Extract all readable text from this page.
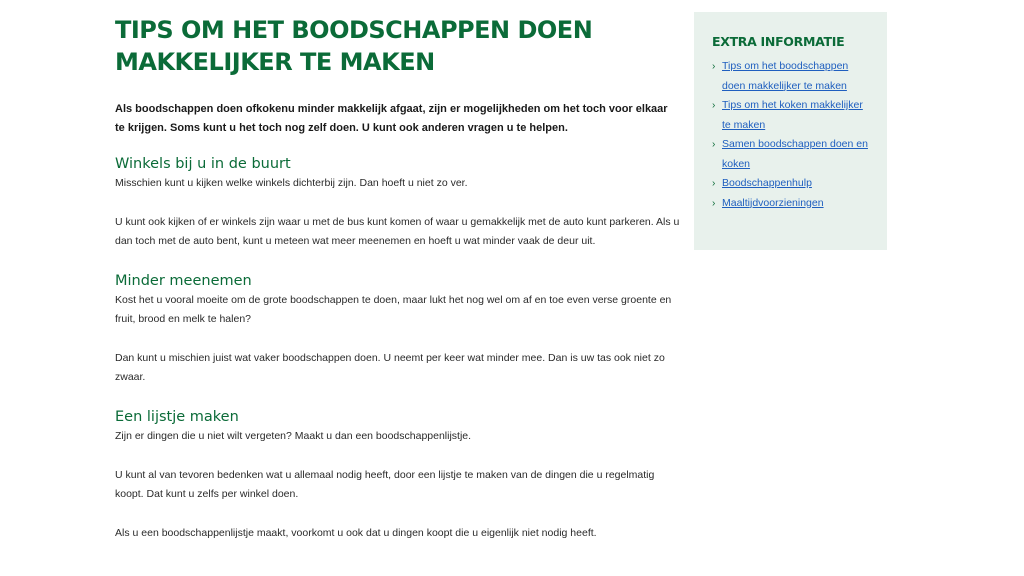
TIPS OM HET BOODSCHAPPEN DOEN MAKKELIJKER TE MAKEN

Als boodschappen doen ofkokenu minder makkelijk afgaat, zijn er mogelijkheden om het toch voor elkaar te krijgen. Soms kunt u het toch nog zelf doen. U kunt ook anderen vragen u te helpen.

Winkels bij u in de buurt

Misschien kunt u kijken welke winkels dichterbij zijn. Dan hoeft u niet zo ver.

U kunt ook kijken of er winkels zijn waar u met de bus kunt komen of waar u gemakkelijk met de auto kunt parkeren. Als u dan toch met de auto bent, kunt u meteen wat meer meenemen en hoeft u wat minder vaak de deur uit.

Minder meenemen

Kost het u vooral moeite om de grote boodschappen te doen, maar lukt het nog wel om af en toe even verse groente en fruit, brood en melk te halen?

Dan kunt u mischien juist wat vaker boodschappen doen. U neemt per keer wat minder mee. Dan is uw tas ook niet zo zwaar.

Een lijstje maken

Zijn er dingen die u niet wilt vergeten? Maakt u dan een boodschappenlijstje.

U kunt al van tevoren bedenken wat u allemaal nodig heeft, door een lijstje te maken van de dingen die u regelmatig koopt. Dat kunt u zelfs per winkel doen.

Als u een boodschappenlijstje maakt, voorkomt u ook dat u dingen koopt die u eigenlijk niet nodig heeft.

EXTRA INFORMATIE
› Tips om het boodschappen doen makkelijker te maken
› Tips om het koken makkelijker te maken
› Samen boodschappen doen en koken
› Boodschappenhulp
› Maaltijdvoorzieningen
